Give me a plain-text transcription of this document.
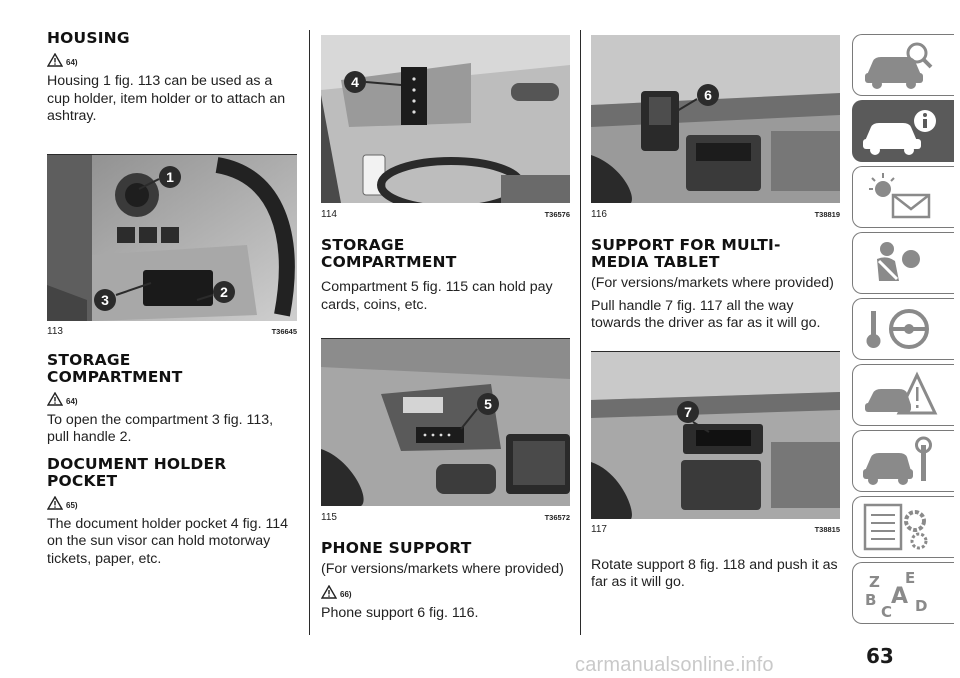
HOUSING
64)
Housing 1 fig. 113 can be used as a cup holder, item holder or to attach an ashtray.
1
3	2
113	T36645
STORAGE COMPARTMENT
64)
To open the compartment 3 fig. 113, pull handle 2.
DOCUMENT HOLDER POCKET
65)
The document holder pocket 4 fig. 114 on the sun visor can hold motorway tickets, paper, etc.
4
114	T36576
STORAGE COMPARTMENT
Compartment 5 fig. 115 can hold pay cards, coins, etc.
5
115	T36572
PHONE SUPPORT
(For versions/markets where provided)
66)
Phone support 6 fig. 116.
6
116	T38819
SUPPORT FOR MULTI-MEDIA TABLET
(For versions/markets where provided)
Pull handle 7 fig. 117 all the way towards the driver as far as it will go.
7
117	T38815
Rotate support 8 fig. 118 and push it as far as it will go.	Z E
B A
C D
63
carmanualsonline.info
